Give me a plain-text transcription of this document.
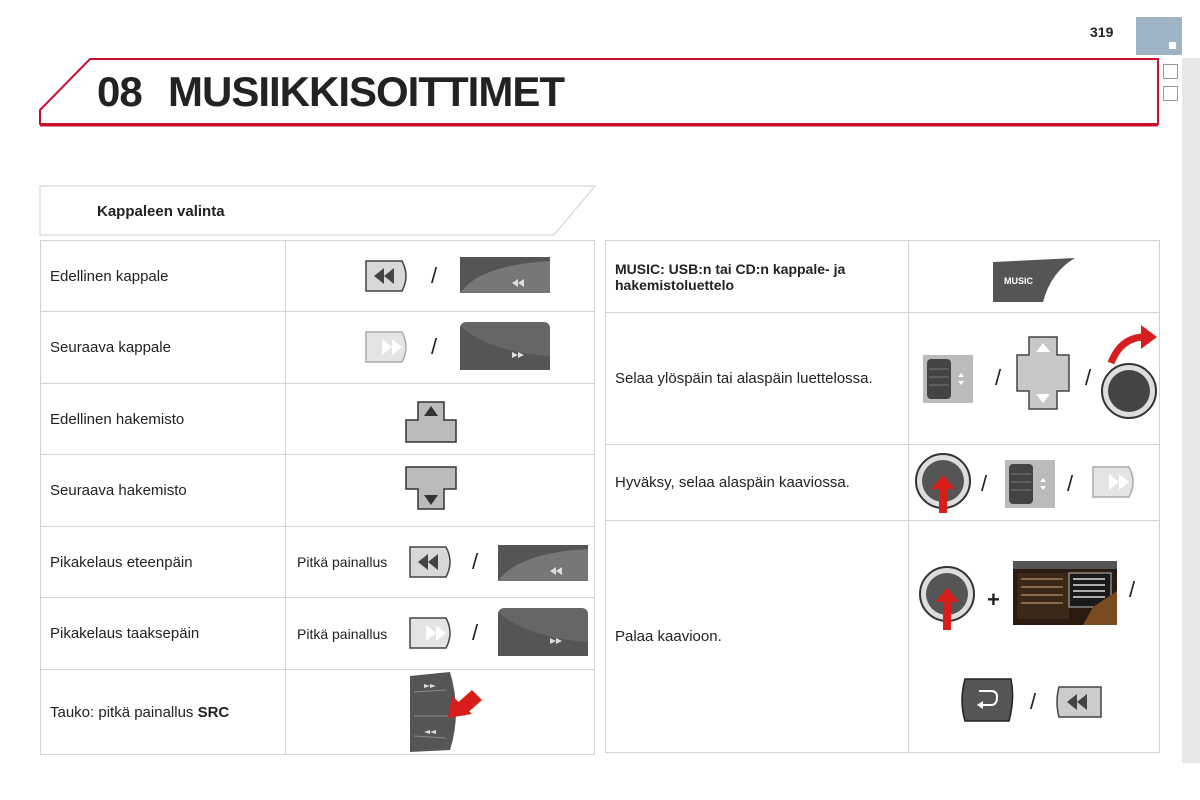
319
08 MUSIIKKISOITTIMET
Kappaleen valinta
Edellinen kappale	/

Seuraava kappale	/

Edellinen hakemisto	

Seuraava hakemisto	

Pikakelaus eteenpäin	Pitkä painallus /

Pikakelaus taaksepäin	Pitkä painallus /

Tauko: pitkä painallus SRC	
MUSIC: USB:n tai CD:n kappale- ja hakemistoluettelo	MUSIC

Selaa ylöspäin tai alaspäin luettelossa.	/ /

Hyväksy, selaa alaspäin kaaviossa.	/ /

Palaa kaavioon.	+ /
/
